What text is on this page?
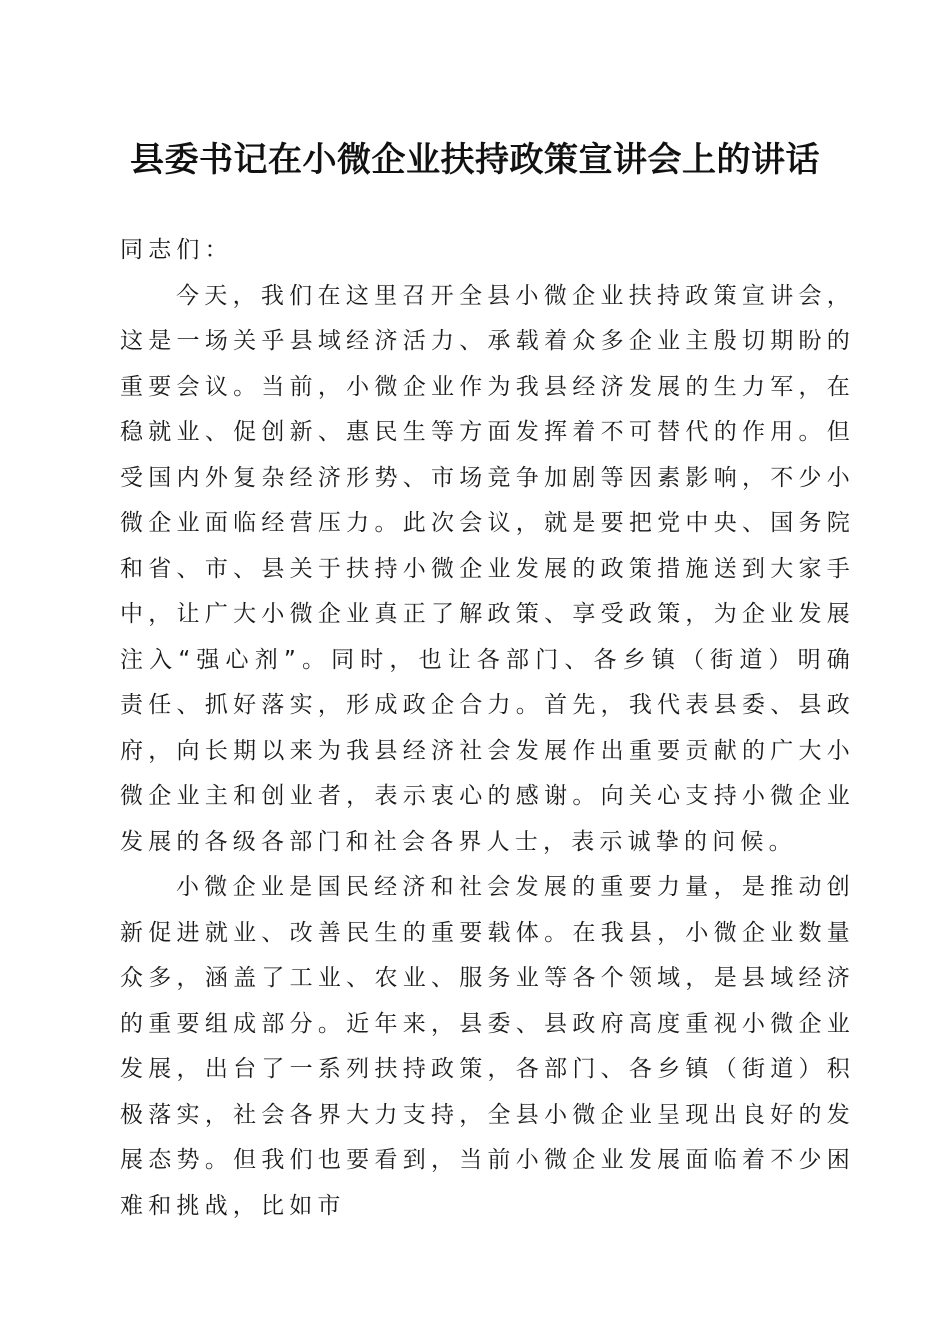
县委书记在小微企业扶持政策宣讲会上的讲话

同志们：

今天，我们在这里召开全县小微企业扶持政策宣讲会，这是一场关乎县域经济活力、承载着众多企业主殷切期盼的重要会议。当前，小微企业作为我县经济发展的生力军，在稳就业、促创新、惠民生等方面发挥着不可替代的作用。但受国内外复杂经济形势、市场竞争加剧等因素影响，不少小微企业面临经营压力。此次会议，就是要把党中央、国务院和省、市、县关于扶持小微企业发展的政策措施送到大家手中，让广大小微企业真正了解政策、享受政策，为企业发展注入“强心剂”。同时，也让各部门、各乡镇（街道）明确责任、抓好落实，形成政企合力。首先，我代表县委、县政府，向长期以来为我县经济社会发展作出重要贡献的广大小微企业主和创业者，表示衷心的感谢。向关心支持小微企业发展的各级各部门和社会各界人士，表示诚挚的问候。

小微企业是国民经济和社会发展的重要力量，是推动创新促进就业、改善民生的重要载体。在我县，小微企业数量众多，涵盖了工业、农业、服务业等各个领域，是县域经济的重要组成部分。近年来，县委、县政府高度重视小微企业发展，出台了一系列扶持政策，各部门、各乡镇（街道）积极落实，社会各界大力支持，全县小微企业呈现出良好的发展态势。但我们也要看到，当前小微企业发展面临着不少困难和挑战，比如市
